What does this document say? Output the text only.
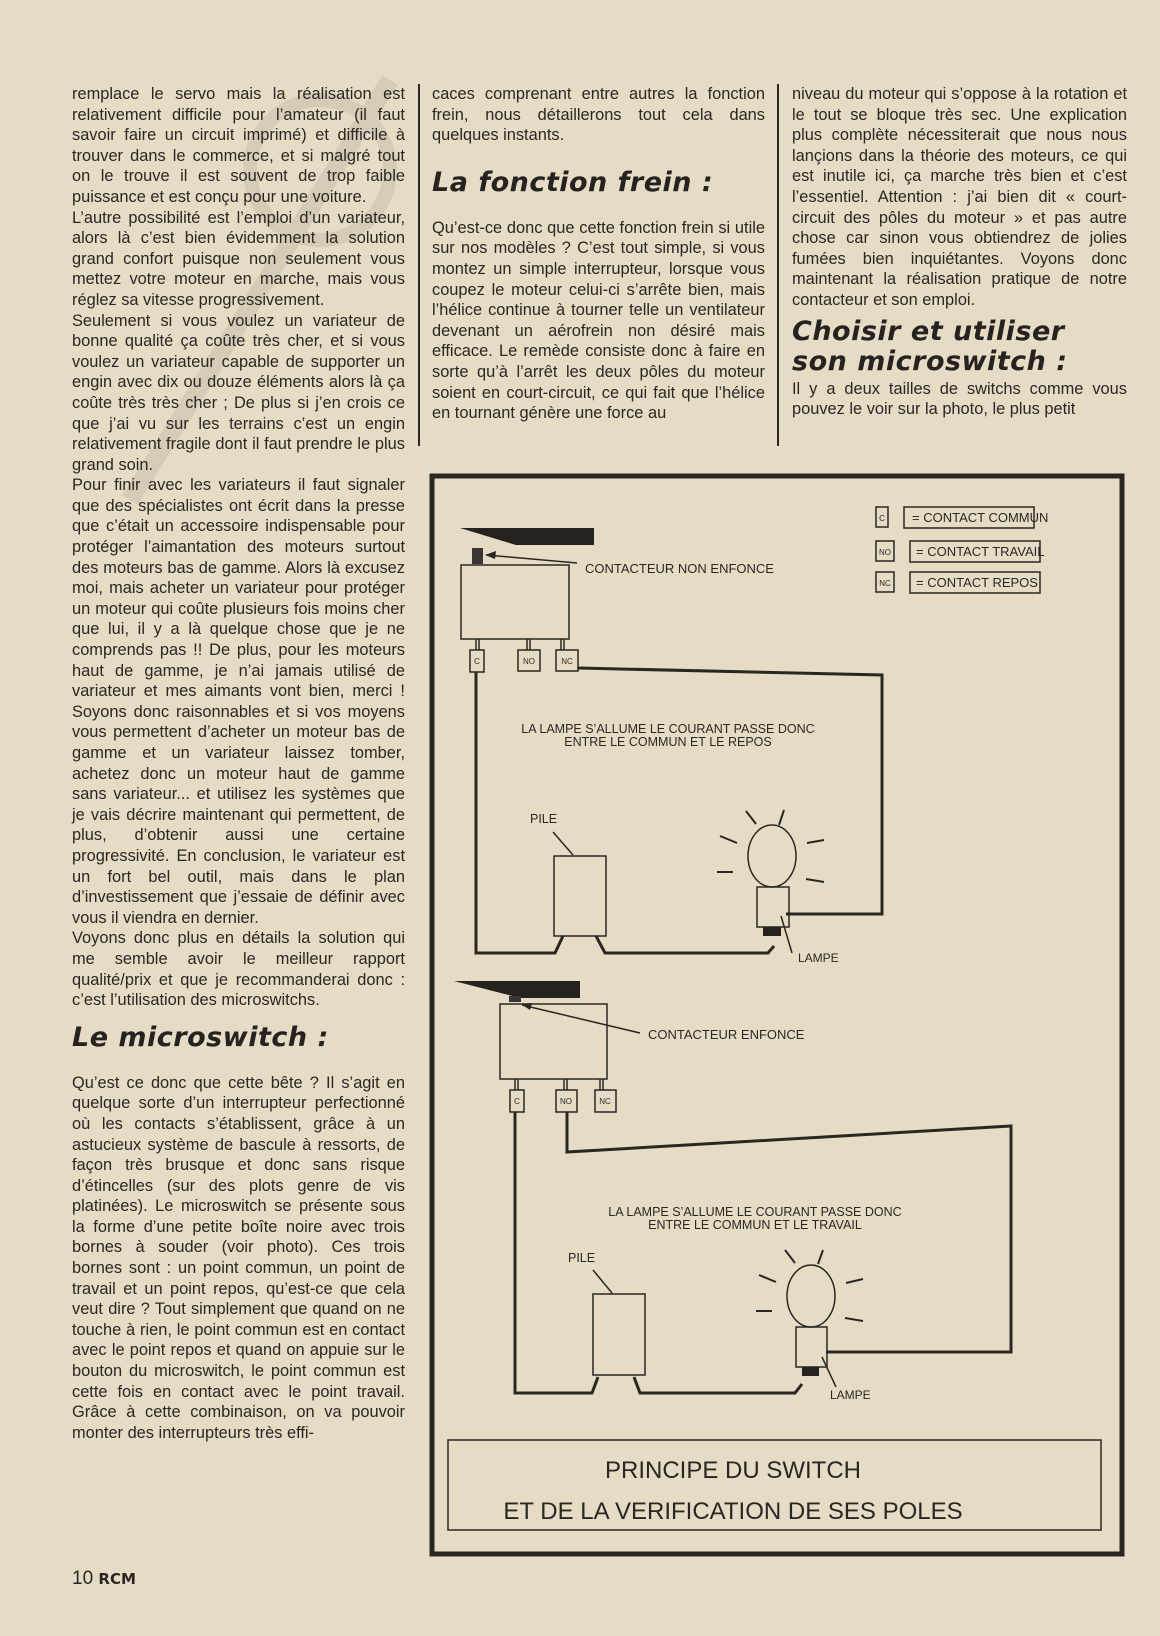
remplace le servo mais la réalisation est relativement difficile pour l’amateur (il faut savoir faire un circuit imprimé) et difficile à trouver dans le commerce, et si malgré tout on le trouve il est souvent de trop faible puissance et est conçu pour une voiture.

L’autre possibilité est l’emploi d’un variateur, alors là c’est bien évidemment la solution grand confort puisque non seulement vous mettez votre moteur en marche, mais vous réglez sa vitesse progressivement.

Seulement si vous voulez un variateur de bonne qualité ça coûte très cher, et si vous voulez un variateur capable de supporter un engin avec dix ou douze éléments alors là ça coûte très très cher ; De plus si j’en crois ce que j’ai vu sur les terrains c’est un engin relativement fragile dont il faut prendre le plus grand soin.

Pour finir avec les variateurs il faut signaler que des spécialistes ont écrit dans la presse que c’était un accessoire indispensable pour protéger l’aimantation des moteurs surtout des moteurs bas de gamme. Alors là excusez moi, mais acheter un variateur pour protéger un moteur qui coûte plusieurs fois moins cher que lui, il y a là quelque chose que je ne comprends pas !! De plus, pour les moteurs haut de gamme, je n’ai jamais utilisé de variateur et mes aimants vont bien, merci ! Soyons donc raisonnables et si vos moyens vous permettent d’acheter un moteur bas de gamme et un variateur laissez tomber, achetez donc un moteur haut de gamme sans variateur... et utilisez les systèmes que je vais décrire maintenant qui permettent, de plus, d’obtenir aussi une certaine progressivité. En conclusion, le variateur est un fort bel outil, mais dans le plan d’investissement que j’essaie de définir avec vous il viendra en dernier.

Voyons donc plus en détails la solution qui me semble avoir le meilleur rapport qualité/prix et que je recommanderai donc : c’est l’utilisation des microswitchs.

Le microswitch :

Qu’est ce donc que cette bête ? Il s’agit en quelque sorte d’un interrupteur perfectionné où les contacts s’établissent, grâce à un astucieux système de bascule à ressorts, de façon très brusque et donc sans risque d’étincelles (sur des plots genre de vis platinées). Le microswitch se présente sous la forme d’une petite boîte noire avec trois bornes à souder (voir photo). Ces trois bornes sont : un point commun, un point de travail et un point repos, qu’est-ce que cela veut dire ? Tout simplement que quand on ne touche à rien, le point commun est en contact avec le point repos et quand on appuie sur le bouton du microswitch, le point commun est cette fois en contact avec le point travail. Grâce à cette combinaison, on va pouvoir monter des interrupteurs très effi-

caces comprenant entre autres la fonction frein, nous détaillerons tout cela dans quelques instants.

La fonction frein :

Qu’est-ce donc que cette fonction frein si utile sur nos modèles ? C’est tout simple, si vous montez un simple interrupteur, lorsque vous coupez le moteur celui-ci s’arrête bien, mais l’hélice continue à tourner telle un ventilateur devenant un aérofrein non désiré mais efficace. Le remède consiste donc à faire en sorte qu’à l’arrêt les deux pôles du moteur soient en court-circuit, ce qui fait que l’hélice en tournant génère une force au

niveau du moteur qui s’oppose à la rotation et le tout se bloque très sec. Une explication plus complète nécessiterait que nous nous lançions dans la théorie des moteurs, ce qui est inutile ici, ça marche très bien et c’est l’essentiel. Attention : j’ai bien dit « court-circuit des pôles du moteur » et pas autre chose car sinon vous obtiendrez de jolies fumées bien inquiétantes. Voyons donc maintenant la réalisation pratique de notre contacteur et son emploi.

Choisir et utiliser
son microswitch :

Il y a deux tailles de switchs comme vous pouvez le voir sur la photo, le plus petit

C = CONTACT COMMUN
NO = CONTACT TRAVAIL
NC = CONTACT REPOS
CONTACTEUR NON ENFONCE
C	NO	NC
LA LAMPE S’ALLUME LE COURANT PASSE DONC
ENTRE LE COMMUN ET LE REPOS
PILE
LAMPE
CONTACTEUR ENFONCE
C	NO	NC
LA LAMPE S’ALLUME LE COURANT PASSE DONC
ENTRE LE COMMUN ET LE TRAVAIL
PILE
LAMPE
PRINCIPE DU SWITCH
ET DE LA VERIFICATION DE SES POLES
10 RCM
